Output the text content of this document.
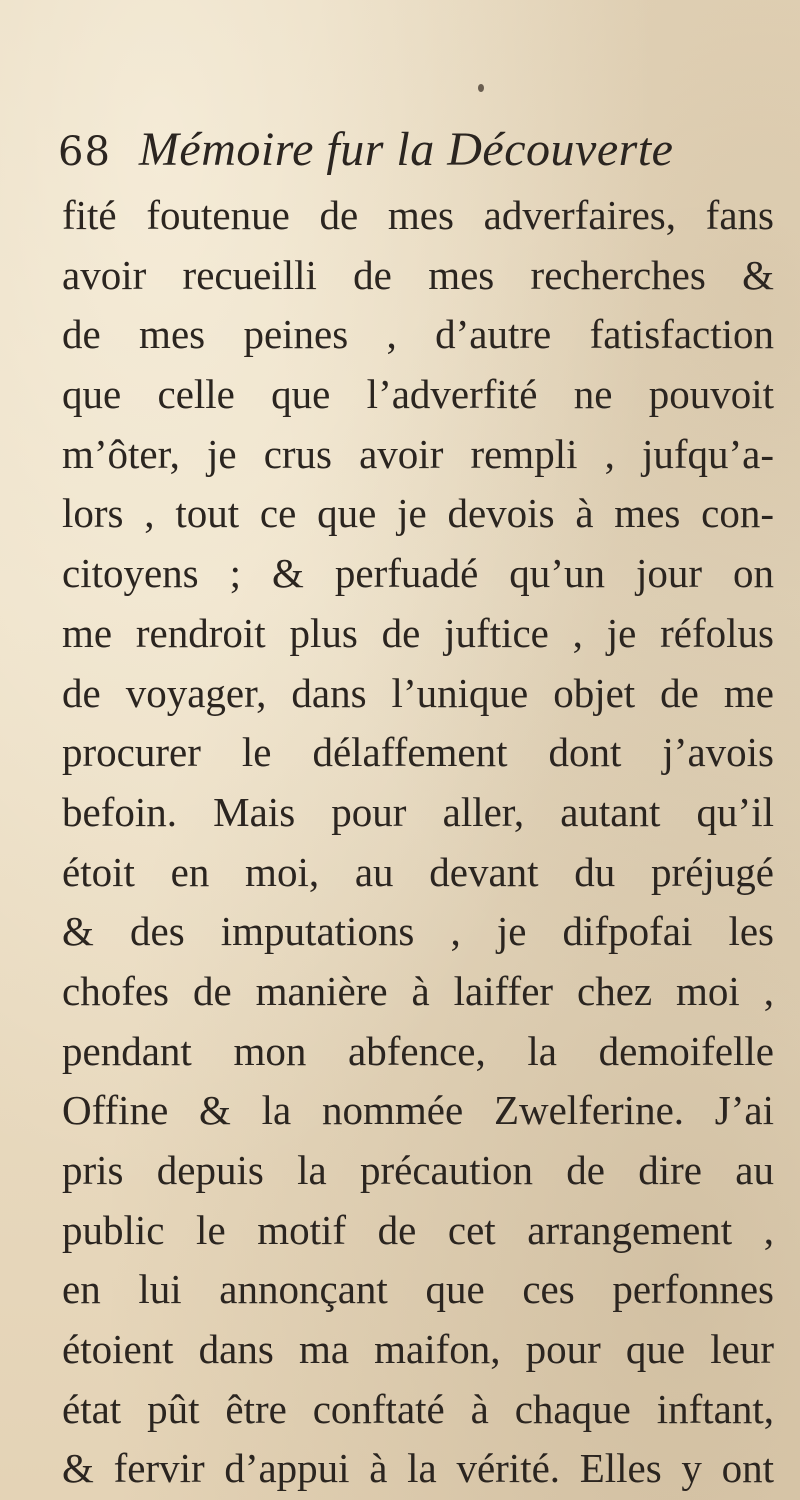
68 Mémoire fur la Découverte
fité foutenue de mes adverfaires, fans
avoir recueilli de mes recherches &
de mes peines , d’autre fatisfaction
que celle que l’adverfité ne pouvoit
m’ôter, je crus avoir rempli , jufqu’a-
lors , tout ce que je devois à mes con-
citoyens ; & perfuadé qu’un jour on
me rendroit plus de juftice , je réfolus
de voyager, dans l’unique objet de me
procurer le délaffement dont j’avois
befoin. Mais pour aller, autant qu’il
étoit en moi, au devant du préjugé
& des imputations , je difpofai les
chofes de manière à laiffer chez moi ,
pendant mon abfence, la demoifelle
Offine & la nommée Zwelferine. J’ai
pris depuis la précaution de dire au
public le motif de cet arrangement ,
en lui annonçant que ces perfonnes
étoient dans ma maifon, pour que leur
état pût être conftaté à chaque inftant,
& fervir d’appui à la vérité. Elles y ont
